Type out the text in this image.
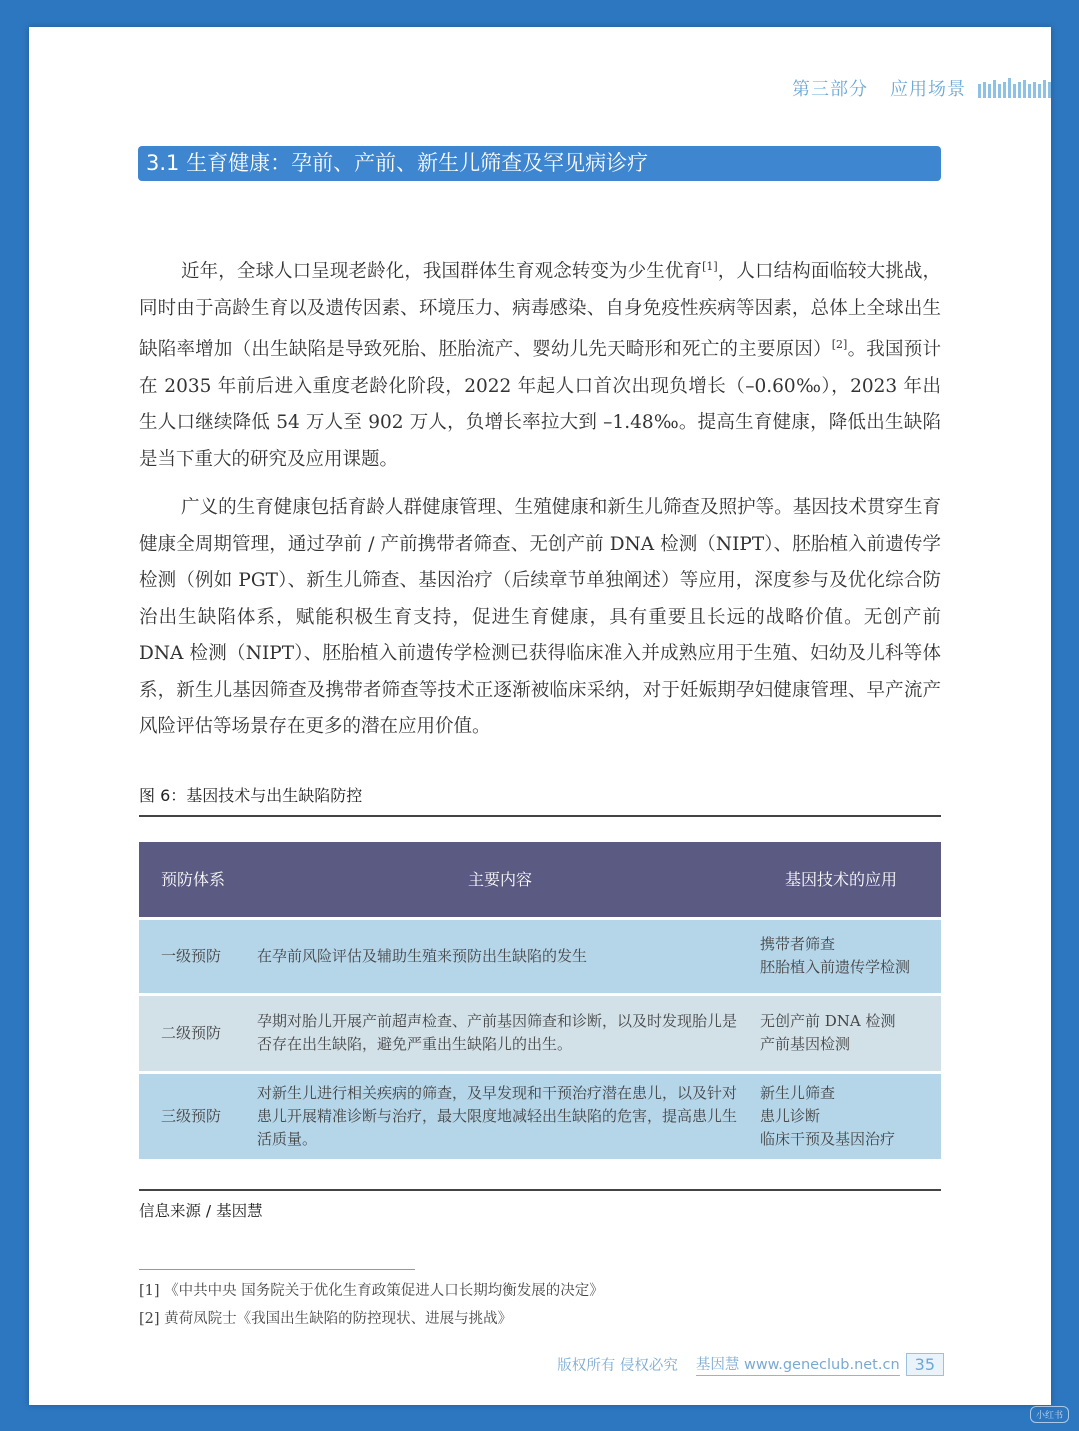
第三部分 应用场景
3.1 生育健康：孕前、产前、新生儿筛查及罕见病诊疗

近年，全球人口呈现老龄化，我国群体生育观念转变为少生优育[1]，人口结构面临较大挑战，同时由于高龄生育以及遗传因素、环境压力、病毒感染、自身免疫性疾病等因素，总体上全球出生缺陷率增加（出生缺陷是导致死胎、胚胎流产、婴幼儿先天畸形和死亡的主要原因）[2]。我国预计在 2035 年前后进入重度老龄化阶段，2022 年起人口首次出现负增长（–0.60‰），2023 年出生人口继续降低 54 万人至 902 万人，负增长率拉大到 –1.48‰。提高生育健康，降低出生缺陷是当下重大的研究及应用课题。

广义的生育健康包括育龄人群健康管理、生殖健康和新生儿筛查及照护等。基因技术贯穿生育健康全周期管理，通过孕前 / 产前携带者筛查、无创产前 DNA 检测（NIPT）、胚胎植入前遗传学检测（例如 PGT）、新生儿筛查、基因治疗（后续章节单独阐述）等应用，深度参与及优化综合防治出生缺陷体系，赋能积极生育支持，促进生育健康，具有重要且长远的战略价值。无创产前 DNA 检测（NIPT）、胚胎植入前遗传学检测已获得临床准入并成熟应用于生殖、妇幼及儿科等体系，新生儿基因筛查及携带者筛查等技术正逐渐被临床采纳，对于妊娠期孕妇健康管理、早产流产风险评估等场景存在更多的潜在应用价值。

图 6：基因技术与出生缺陷防控
预防体系	主要内容	基因技术的应用
一级预防 在孕前风险评估及辅助生殖来预防出生缺陷的发生
携带者筛查
胚胎植入前遗传学检测
二级预防
孕期对胎儿开展产前超声检查、产前基因筛查和诊断，以及时发现胎儿是否存在出生缺陷，避免严重出生缺陷儿的出生。
无创产前 DNA 检测
产前基因检测
三级预防
对新生儿进行相关疾病的筛查，及早发现和干预治疗潜在患儿，以及针对患儿开展精准诊断与治疗，最大限度地减轻出生缺陷的危害，提高患儿生活质量。
新生儿筛查
患儿诊断
临床干预及基因治疗
信息来源 / 基因慧
[1] 《中共中央 国务院关于优化生育政策促进人口长期均衡发展的决定》
[2] 黄荷凤院士《我国出生缺陷的防控现状、进展与挑战》
版权所有 侵权必究 基因慧 www.geneclub.net.cn 35
小红书
